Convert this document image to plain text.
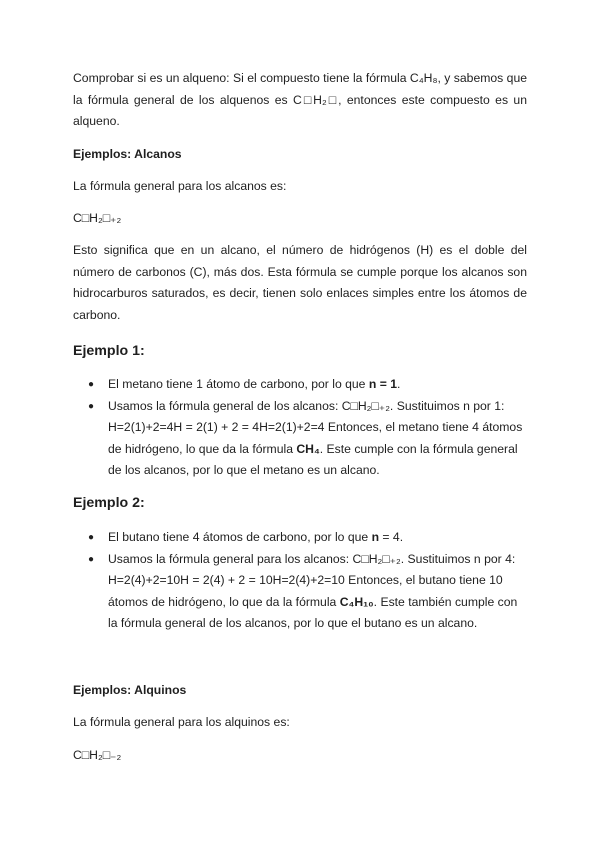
Comprobar si es un alqueno: Si el compuesto tiene la fórmula C₄H₈, y sabemos que la fórmula general de los alquenos es C□H₂□, entonces este compuesto es un alqueno.

Ejemplos: Alcanos

La fórmula general para los alcanos es:

C□H₂□₊₂

Esto significa que en un alcano, el número de hidrógenos (H) es el doble del número de carbonos (C), más dos. Esta fórmula se cumple porque los alcanos son hidrocarburos saturados, es decir, tienen solo enlaces simples entre los átomos de carbono.

Ejemplo 1:

● El metano tiene 1 átomo de carbono, por lo que n = 1.
● Usamos la fórmula general de los alcanos: C□H₂□₊₂. Sustituimos n por 1: H=2(1)+2=4H = 2(1) + 2 = 4H=2(1)+2=4 Entonces, el metano tiene 4 átomos de hidrógeno, lo que da la fórmula CH₄. Este cumple con la fórmula general de los alcanos, por lo que el metano es un alcano.

Ejemplo 2:

● El butano tiene 4 átomos de carbono, por lo que n = 4.
● Usamos la fórmula general para los alcanos: C□H₂□₊₂. Sustituimos n por 4: H=2(4)+2=10H = 2(4) + 2 = 10H=2(4)+2=10 Entonces, el butano tiene 10 átomos de hidrógeno, lo que da la fórmula C₄H₁₀. Este también cumple con la fórmula general de los alcanos, por lo que el butano es un alcano.

Ejemplos: Alquinos

La fórmula general para los alquinos es:

C□H₂□₋₂
